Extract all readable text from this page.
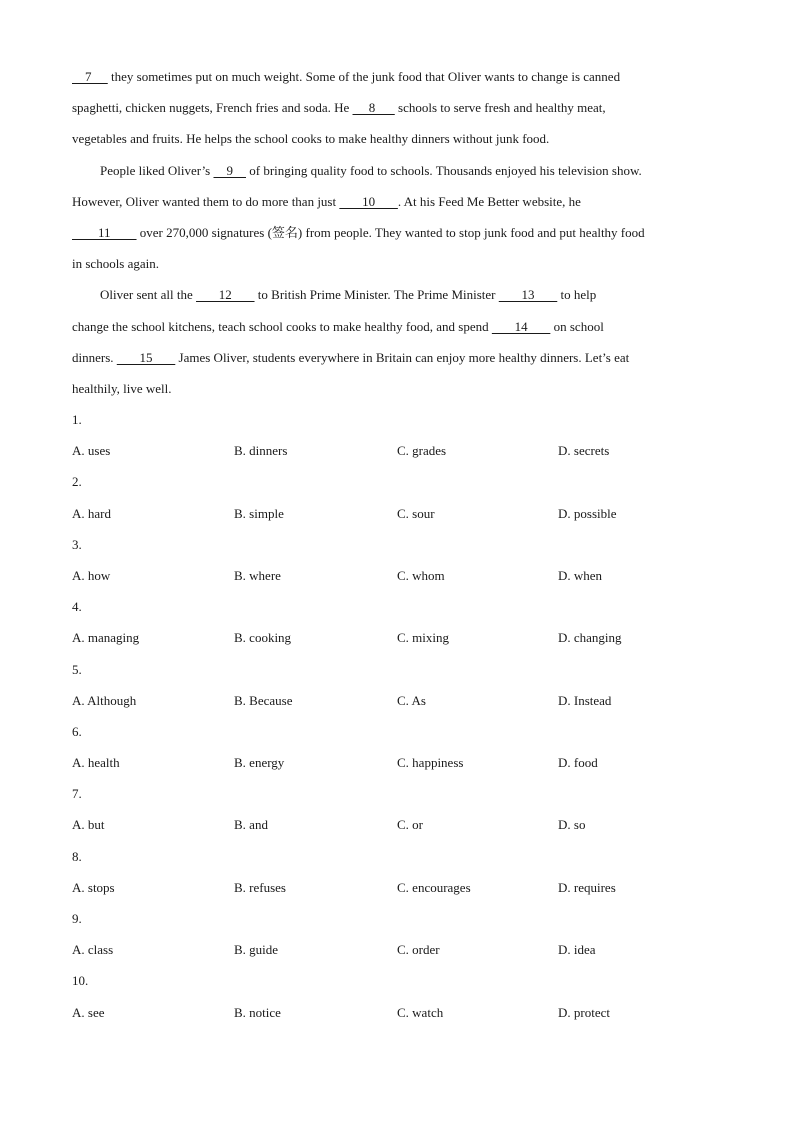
7      they sometimes put on much weight. Some of the junk food that Oliver wants to change is canned
spaghetti, chicken nuggets, French fries and soda. He      8       schools to serve fresh and healthy meat,
vegetables and fruits. He helps the school cooks to make healthy dinners without junk food.
People liked Oliver’s     9     of bringing quality food to schools. Thousands enjoyed his television show.
However, Oliver wanted them to do more than just        10       . At his Feed Me Better website, he
11         over 270,000 signatures (签名) from people. They wanted to stop junk food and put healthy food
in schools again.
Oliver sent all the        12        to British Prime Minister. The Prime Minister        13        to help
change the school kitchens, teach school cooks to make healthy food, and spend        14        on school
dinners.        15        James Oliver, students everywhere in Britain can enjoy more healthy dinners. Let’s eat
healthily, live well.
1.
A. uses	B. dinners	C. grades	D. secrets
2.
A. hard	B. simple	C. sour	D. possible
3.
A. how	B. where	C. whom	D. when
4.
A. managing	B. cooking	C. mixing	D. changing
5.
A. Although	B. Because	C. As	D. Instead
6.
A. health	B. energy	C. happiness	D. food
7.
A. but	B. and	C. or	D. so
8.
A. stops	B. refuses	C. encourages	D. requires
9.
A. class	B. guide	C. order	D. idea
10.
A. see	B. notice	C. watch	D. protect
